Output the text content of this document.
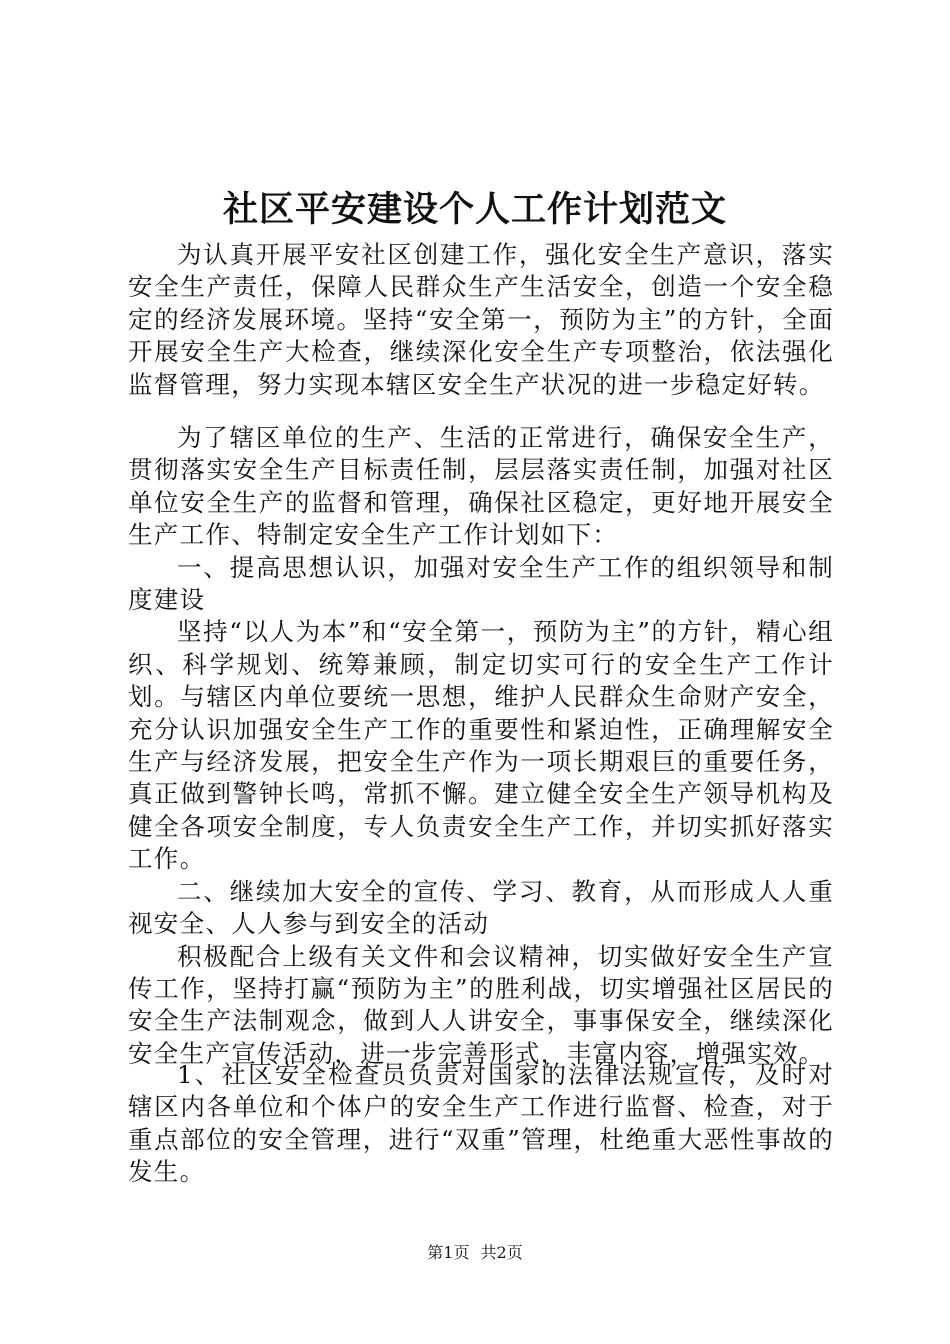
社区平安建设个人工作计划范文

为认真开展平安社区创建工作，强化安全生产意识，落实安全生产责任，保障人民群众生产生活安全，创造一个安全稳定的经济发展环境。坚持“安全第一，预防为主”的方针，全面开展安全生产大检查，继续深化安全生产专项整治，依法强化监督管理，努力实现本辖区安全生产状况的进一步稳定好转。

为了辖区单位的生产、生活的正常进行，确保安全生产，贯彻落实安全生产目标责任制，层层落实责任制，加强对社区单位安全生产的监督和管理，确保社区稳定，更好地开展安全生产工作、特制定安全生产工作计划如下：

一、提高思想认识，加强对安全生产工作的组织领导和制度建设

坚持“以人为本”和“安全第一，预防为主”的方针，精心组织、科学规划、统筹兼顾，制定切实可行的安全生产工作计划。与辖区内单位要统一思想，维护人民群众生命财产安全，充分认识加强安全生产工作的重要性和紧迫性，正确理解安全生产与经济发展，把安全生产作为一项长期艰巨的重要任务，真正做到警钟长鸣，常抓不懈。建立健全安全生产领导机构及健全各项安全制度，专人负责安全生产工作，并切实抓好落实工作。

二、继续加大安全的宣传、学习、教育，从而形成人人重视安全、人人参与到安全的活动

积极配合上级有关文件和会议精神，切实做好安全生产宣传工作，坚持打赢“预防为主”的胜利战，切实增强社区居民的安全生产法制观念，做到人人讲安全，事事保安全，继续深化安全生产宣传活动，进一步完善形式，丰富内容，增强实效。

1、社区安全检查员负责对国家的法律法规宣传，及时对辖区内各单位和个体户的安全生产工作进行监督、检查，对于重点部位的安全管理，进行“双重”管理，杜绝重大恶性事故的发生。

第1页 共2页
